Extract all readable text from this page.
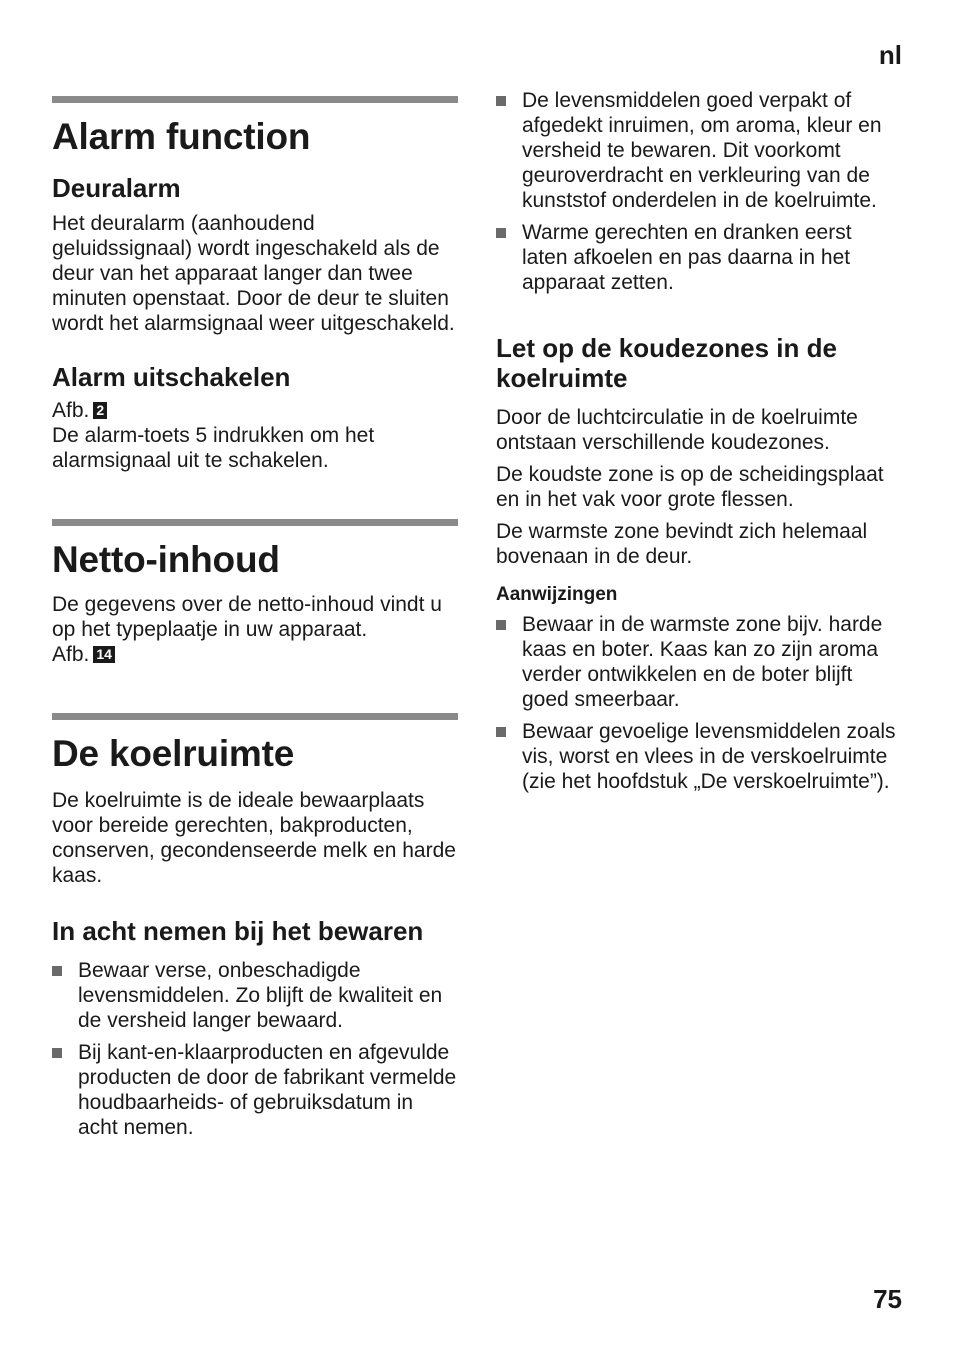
nl
Alarm function
Deuralarm

Het deuralarm (aanhoudend geluidssignaal) wordt ingeschakeld als de deur van het apparaat langer dan twee minuten openstaat. Door de deur te sluiten wordt het alarmsignaal weer uitgeschakeld.

Alarm uitschakelen

Afb. 2

De alarm-toets 5 indrukken om het alarmsignaal uit te schakelen.

Netto-inhoud

De gegevens over de netto-inhoud vindt u op het typeplaatje in uw apparaat.

Afb. 14

De koelruimte

De koelruimte is de ideale bewaarplaats voor bereide gerechten, bakproducten, conserven, gecondenseerde melk en harde kaas.

In acht nemen bij het bewaren
Bewaar verse, onbeschadigde levensmiddelen. Zo blijft de kwaliteit en de versheid langer bewaard.
Bij kant-en-klaarproducten en afgevulde producten de door de fabrikant vermelde houdbaarheids- of gebruiksdatum in acht nemen.
De levensmiddelen goed verpakt of afgedekt inruimen, om aroma, kleur en versheid te bewaren. Dit voorkomt geuroverdracht en verkleuring van de kunststof onderdelen in de koelruimte.
Warme gerechten en dranken eerst laten afkoelen en pas daarna in het apparaat zetten.
Let op de koudezones in de koelruimte

Door de luchtcirculatie in de koelruimte ontstaan verschillende koudezones.

De koudste zone is op de scheidingsplaat en in het vak voor grote flessen.

De warmste zone bevindt zich helemaal bovenaan in de deur.

Aanwijzingen
Bewaar in de warmste zone bijv. harde kaas en boter. Kaas kan zo zijn aroma verder ontwikkelen en de boter blijft goed smeerbaar.
Bewaar gevoelige levensmiddelen zoals vis, worst en vlees in de verskoelruimte (zie het hoofdstuk „De verskoelruimte”).
75
